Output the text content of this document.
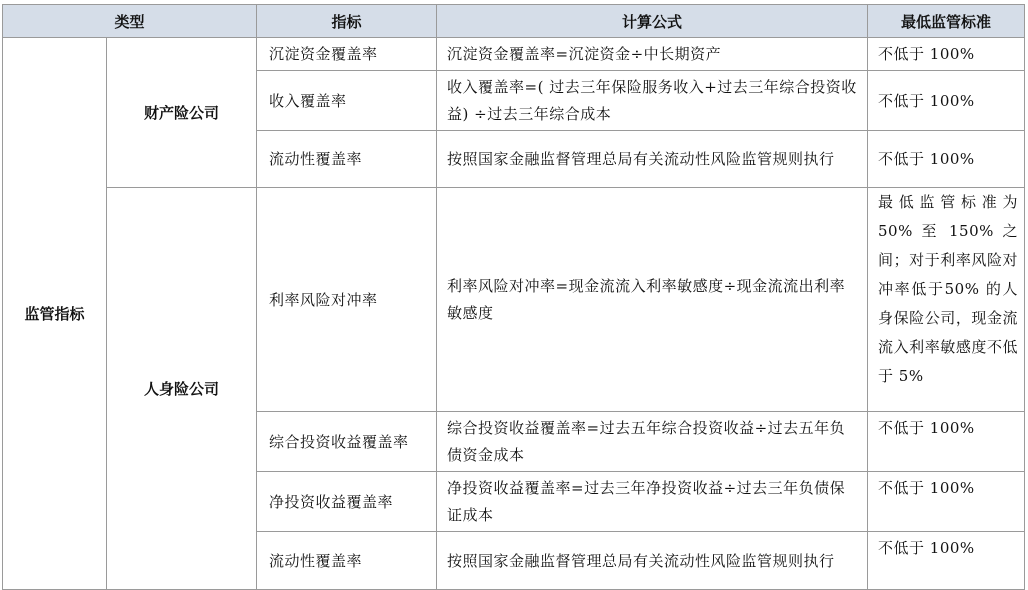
类型		指标	计算公式	最低监管标准
监管指标	财产险公司	沉淀资金覆盖率	沉淀资金覆盖率=沉淀资金÷中长期资产	不低于 100%
		收入覆盖率	收入覆盖率=( 过去三年保险服务收入+过去三年综合投资收益) ÷过去三年综合成本	不低于 100%
		流动性覆盖率	按照国家金融监督管理总局有关流动性风险监管规则执行	不低于 100%
	人身险公司	利率风险对冲率	利率风险对冲率=现金流流入利率敏感度÷现金流流出利率敏感度	最低监管标准为 50% 至 150% 之间；对于利率风险对冲率低于50% 的人身保险公司，现金流流入利率敏感度不低于 5%
		综合投资收益覆盖率	综合投资收益覆盖率=过去五年综合投资收益÷过去五年负债资金成本	不低于 100%
		净投资收益覆盖率	净投资收益覆盖率=过去三年净投资收益÷过去三年负债保证成本	不低于 100%
		流动性覆盖率	按照国家金融监督管理总局有关流动性风险监管规则执行	不低于 100%
